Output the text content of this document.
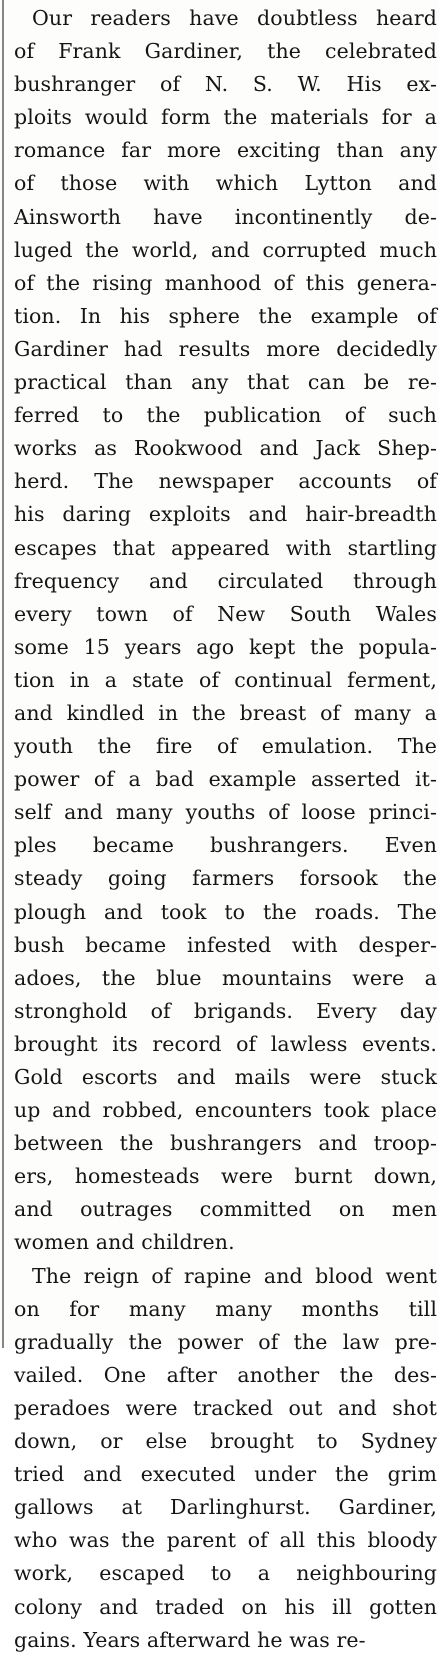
Our readers have doubtless heard
of Frank Gardiner, the celebrated
bushranger of N. S. W. His ex-
ploits would form the materials for a
romance far more exciting than any
of those with which Lytton and
Ainsworth have incontinently de-
luged the world, and corrupted much
of the rising manhood of this genera-
tion. In his sphere the example of
Gardiner had results more decidedly
practical than any that can be re-
ferred to the publication of such
works as Rookwood and Jack Shep-
herd. The newspaper accounts of
his daring exploits and hair-breadth
escapes that appeared with startling
frequency and circulated through
every town of New South Wales
some 15 years ago kept the popula-
tion in a state of continual ferment,
and kindled in the breast of many a
youth the fire of emulation. The
power of a bad example asserted it-
self and many youths of loose princi-
ples became bushrangers. Even
steady going farmers forsook the
plough and took to the roads. The
bush became infested with desper-
adoes, the blue mountains were a
stronghold of brigands. Every day
brought its record of lawless events.
Gold escorts and mails were stuck
up and robbed, encounters took place
between the bushrangers and troop-
ers, homesteads were burnt down,
and outrages committed on men
women and children.
The reign of rapine and blood went
on for many many months till
gradually the power of the law pre-
vailed. One after another the des-
peradoes were tracked out and shot
down, or else brought to Sydney
tried and executed under the grim
gallows at Darlinghurst. Gardiner,
who was the parent of all this bloody
work, escaped to a neighbouring
colony and traded on his ill gotten
gains. Years afterward he was re-
